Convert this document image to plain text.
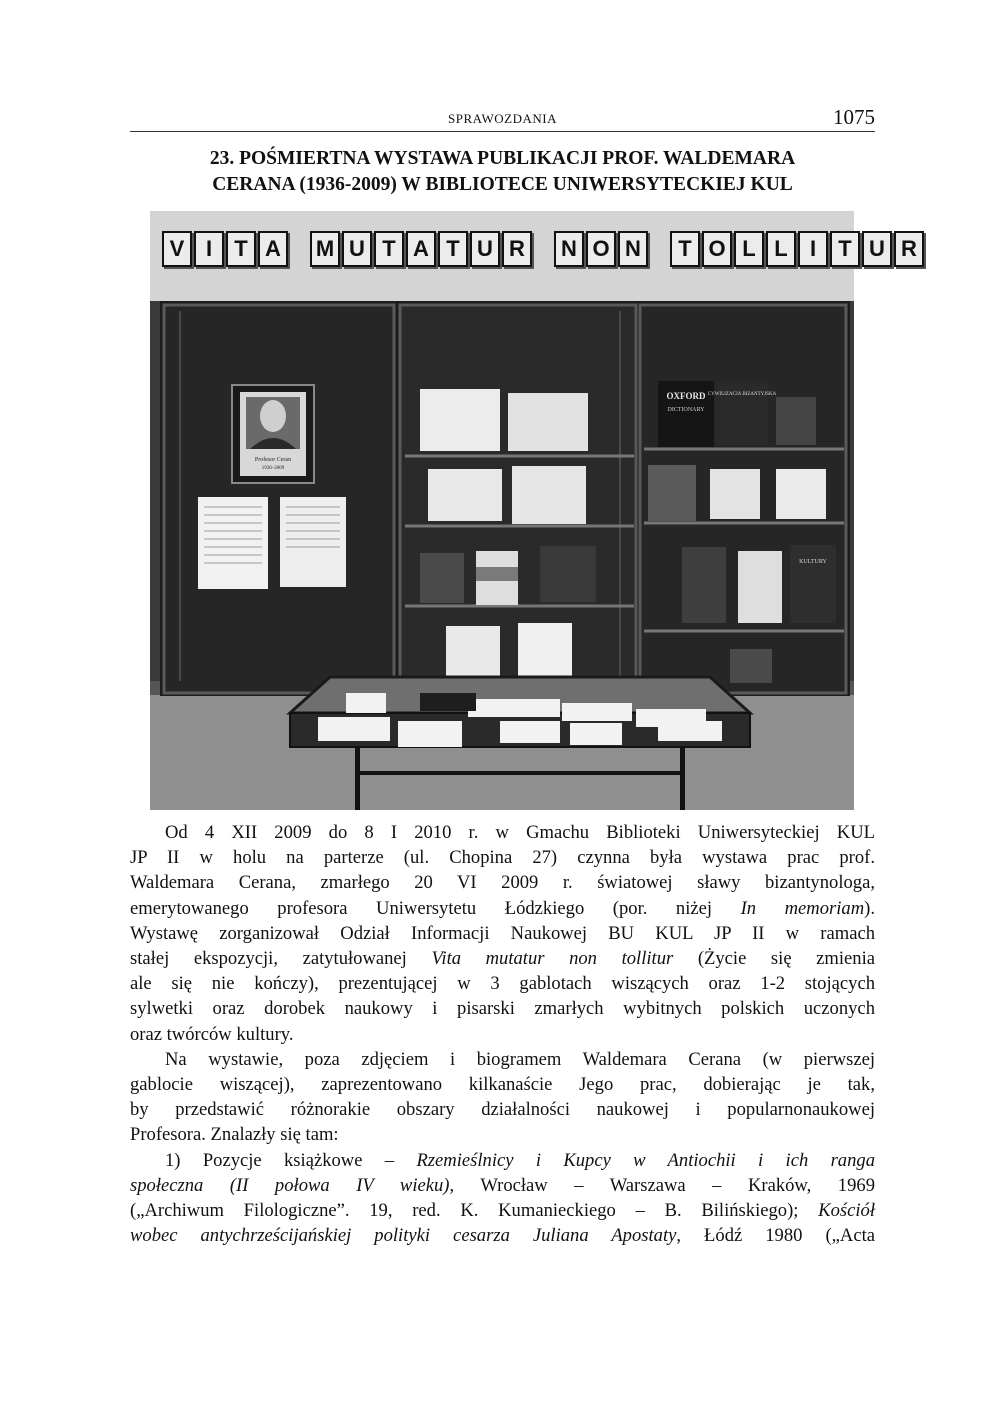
SPRAWOZDANIA	1075
23. POŚMIERTNA WYSTAWA PUBLIKACJI PROF. WALDEMARA
CERANA (1936-2009) W BIBLIOTECE UNIWERSYTECKIEJ KUL
V I	T A	M U T A T U R	N O N	T O L L	I	T U R
Profesor Ceran
1936–2009
OXFORD
DICTIONARY
CYWILIZACJA BIZANTYJSKA
KULTURY

Od 4 XII 2009 do 8 I 2010 r. w Gmachu Biblioteki Uniwersyteckiej KUL

JP II w holu na parterze (ul. Chopina 27) czynna była wystawa prac prof.

Waldemara Cerana, zmarłego 20 VI 2009 r. światowej sławy bizantynologa,

emerytowanego profesora Uniwersytetu Łódzkiego (por. niżej In memoriam).

Wystawę zorganizował Odział Informacji Naukowej BU KUL JP II w ramach

stałej ekspozycji, zatytułowanej Vita mutatur non tollitur (Życie się zmienia

ale się nie kończy), prezentującej w 3 gablotach wiszących oraz 1-2 stojących

sylwetki oraz dorobek naukowy i pisarski zmarłych wybitnych polskich uczonych

oraz twórców kultury.

Na wystawie, poza zdjęciem i biogramem Waldemara Cerana (w pierwszej

gablocie wiszącej), zaprezentowano kilkanaście Jego prac, dobierając je tak,

by przedstawić różnorakie obszary działalności naukowej i popularnonaukowej

Profesora. Znalazły się tam:

1) Pozycje książkowe – Rzemieślnicy i Kupcy w Antiochii i ich ranga

społeczna (II połowa IV wieku), Wrocław – Warszawa – Kraków, 1969

(„Archiwum Filologiczne”. 19, red. K. Kumanieckiego – B. Bilińskiego); Kościół

wobec antychrześcijańskiej polityki cesarza Juliana Apostaty, Łódź 1980 („Acta
